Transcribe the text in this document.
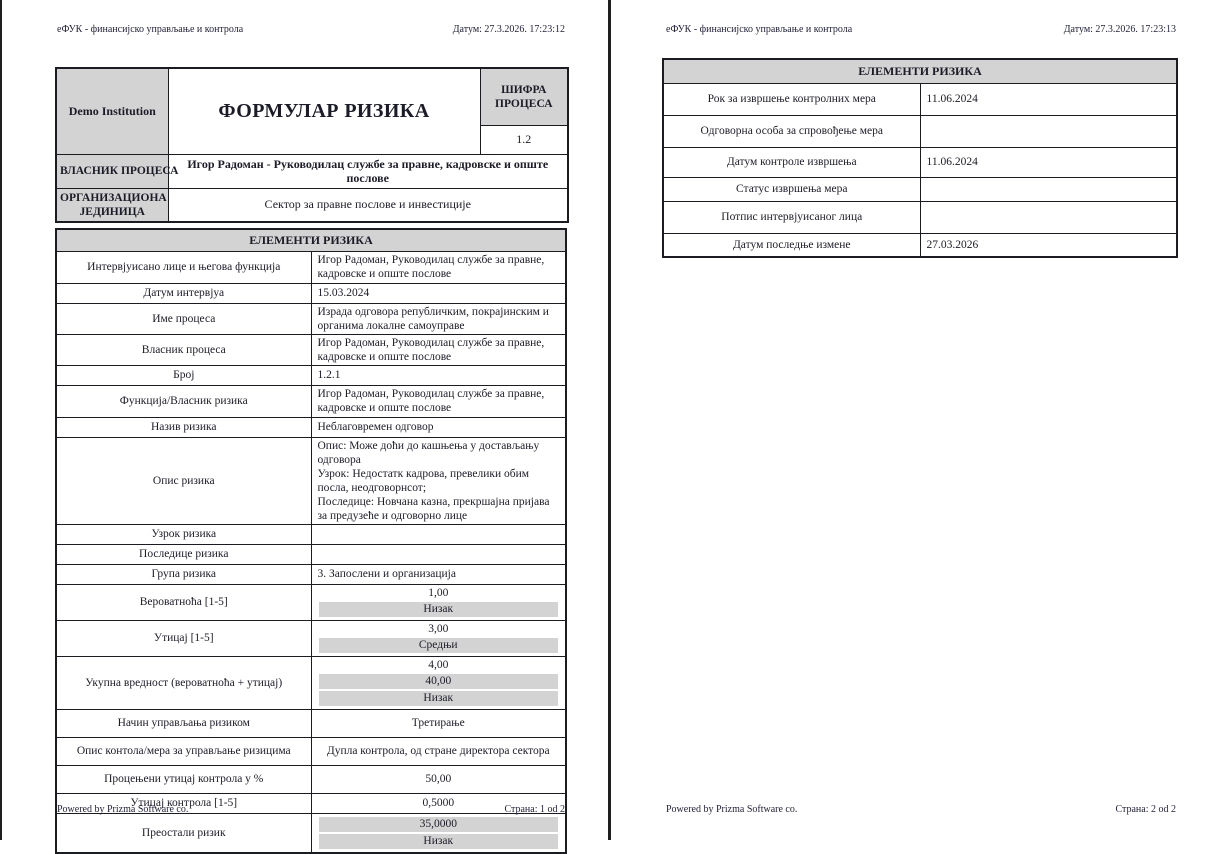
еФУК - финансијско управљање и контрола	Датум: 27.3.2026. 17:23:12
Demo Institution	ФОРМУЛАР РИЗИКА	ШИФРА ПРОЦЕСА
		1.2
ВЛАСНИК ПРОЦЕСА	Игор Радоман - Руководилац службе за правне, кадровске и опште послове	
ОРГАНИЗАЦИОНА ЈЕДИНИЦА	Сектор за правне послове и инвестиције	
ЕЛЕМЕНТИ РИЗИКА	
Интервјуисано лице и његова функција	Игор Радоман, Руководилац службе за правне, кадровске и опште послове
Датум интервјуа	15.03.2024
Име процеса	Израда одговора републичким, покрајинским и органима локалне самоуправе
Власник процеса	Игор Радоман, Руководилац службе за правне, кадровске и опште послове
Број	1.2.1
Функција/Власник ризика	Игор Радоман, Руководилац службе за правне, кадровске и опште послове
Назив ризика	Неблаговремен одговор
Опис ризика	Опис: Може доћи до кашњења у достављању одговора
Узрок: Недостатк кадрова, превелики обим посла, неодговорнсот;
Последице: Новчана казна, прекршајна пријава за предузеће и одговорно лице

Узрок ризика	
Последице ризика	
Група ризика	3. Запослени и организација
Вероватноћа [1-5]	1,00
Низак

Утицај [1-5]	3,00
Средњи

Укупна вредност (вероватноћа + утицај)	4,00
40,00
Низак

Начин управљања ризиком	Третирање
Опис контола/мера за управљање ризицима	Дупла контрола, од стране директора сектора
Процењени утицај контрола у %	50,00
Утицај контрола [1-5]	0,5000
Преостали ризик	35,0000
Низак
Powered by Prizma Software co.	Страна: 1 od 2
еФУК - финансијско управљање и контрола	Датум: 27.3.2026. 17:23:13
ЕЛЕМЕНТИ РИЗИКА	
Рок за извршење контролних мера	11.06.2024
Одговорна особа за спровођење мера	
Датум контроле извршења	11.06.2024
Статус извршења мера	
Потпис интервјуисаног лица	
Датум последње измене	27.03.2026
Powered by Prizma Software co.	Страна: 2 od 2
